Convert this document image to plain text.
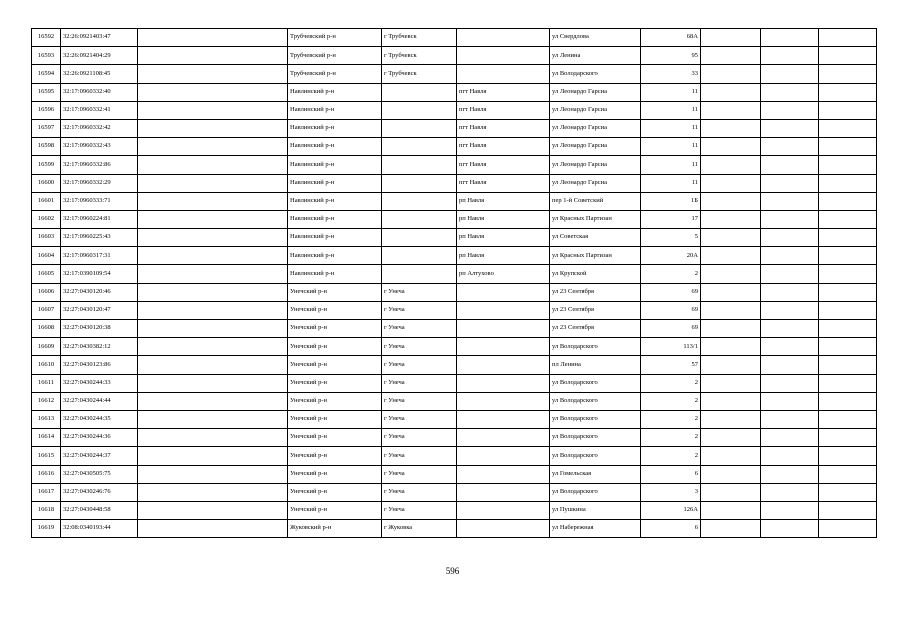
16592	32:26:0921403:47		Трубчевский р-н	г Трубчевск		ул Свердлова	68А			
16593	32:26:0921404:29		Трубчевский р-н	г Трубчевск		ул Ленина	95			
16594	32:26:0921108:45		Трубчевский р-н	г Трубчевск		ул Володарского	33			
16595	32:17:0960332:40		Навлинский р-н		пгт Навля	ул Леонардо Гарсиа	11			
16596	32:17:0960332:41		Навлинский р-н		пгт Навля	ул Леонардо Гарсиа	11			
16597	32:17:0960332:42		Навлинский р-н		пгт Навля	ул Леонардо Гарсиа	11			
16598	32:17:0960332:43		Навлинский р-н		пгт Навля	ул Леонардо Гарсиа	11			
16599	32:17:0960332:86		Навлинский р-н		пгт Навля	ул Леонардо Гарсиа	11			
16600	32:17:0960332:29		Навлинский р-н		пгт Навля	ул Леонардо Гарсиа	11			
16601	32:17:0960333:71		Навлинский р-н		рп Навля	пер 1-й Советский	1Б			
16602	32:17:0960224:81		Навлинский р-н		рп Навля	ул Красных Партизан	17			
16603	32:17:0960225:43		Навлинский р-н		рп Навля	ул Советская	5			
16604	32:17:0960317:31		Навлинский р-н		рп Навля	ул Красных Партизан	20А			
16605	32:17:0390109:54		Навлинский р-н		рп Алтухово	ул Крупской	2			
16606	32:27:0430120:46		Унечский р-н	г Унеча		ул 23 Сентября	69			
16607	32:27:0430120:47		Унечский р-н	г Унеча		ул 23 Сентября	69			
16608	32:27:0430120:38		Унечский р-н	г Унеча		ул 23 Сентября	69			
16609	32:27:0430382:12		Унечский р-н	г Унеча		ул Володарского	113/1			
16610	32:27:0430123:86		Унечский р-н	г Унеча		пл Ленина	57			
16611	32:27:0430244:33		Унечский р-н	г Унеча		ул Володарского	2			
16612	32:27:0430244:44		Унечский р-н	г Унеча		ул Володарского	2			
16613	32:27:0430244:35		Унечский р-н	г Унеча		ул Володарского	2			
16614	32:27:0430244:36		Унечский р-н	г Унеча		ул Володарского	2			
16615	32:27:0430244:37		Унечский р-н	г Унеча		ул Володарского	2			
16616	32:27:0430505:75		Унечский р-н	г Унеча		ул Гомельская	6			
16617	32:27:0430246:76		Унечский р-н	г Унеча		ул Володарского	3			
16618	32:27:0430448:58		Унечский р-н	г Унеча		ул Пушкина	126А			
16619	32:08:0340193:44		Жуковский р-н	г Жуковка		ул Набережная	6			
596
